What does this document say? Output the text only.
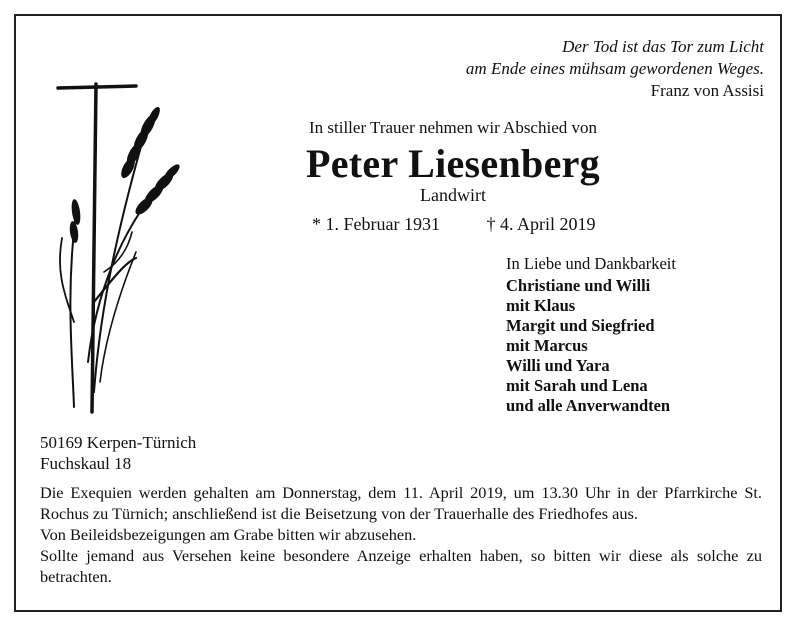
Der Tod ist das Tor zum Licht
am Ende eines mühsam gewordenen Weges.
Franz von Assisi
In stiller Trauer nehmen wir Abschied von
Peter Liesenberg
Landwirt
* 1. Februar 1931	† 4. April 2019
In Liebe und Dankbarkeit
Christiane und Willi
mit Klaus
Margit und Siegfried
mit Marcus
Willi und Yara
mit Sarah und Lena
und alle Anverwandten
50169 Kerpen-Türnich
Fuchskaul 18

Die Exequien werden gehalten am Donnerstag, dem 11. April 2019, um 13.30 Uhr in der Pfarrkirche St. Rochus zu Türnich; anschließend ist die Beisetzung von der Trauerhalle des Friedhofes aus.

Von Beileidsbezeigungen am Grabe bitten wir abzusehen.

Sollte jemand aus Versehen keine besondere Anzeige erhalten haben, so bitten wir diese als solche zu betrachten.
